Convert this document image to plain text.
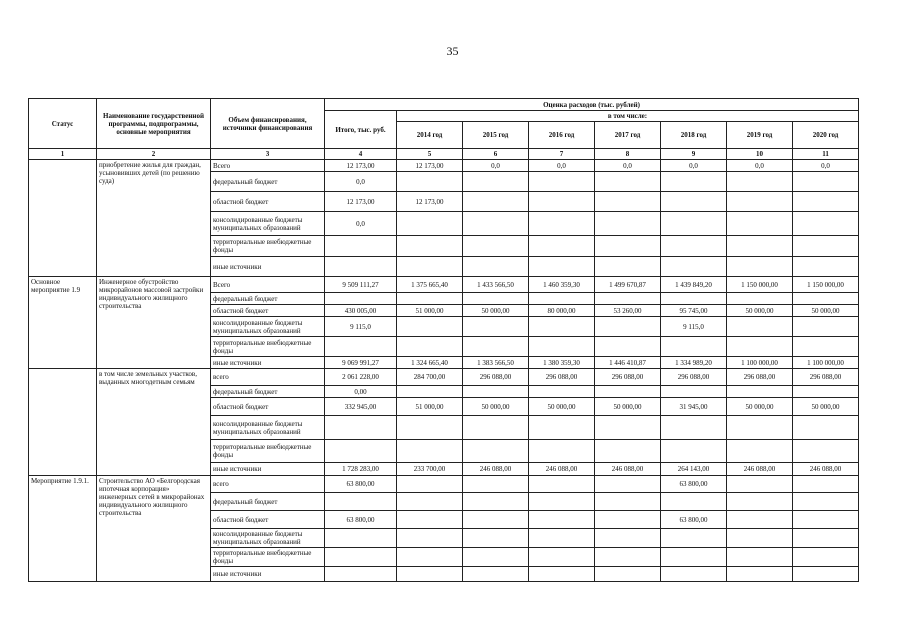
35
Статус	Наименование государственной программы, подпрограммы, основные мероприятия	Объем финансирования, источники финансирования	Оценка расходов (тыс. рублей)							
			Итого, тыс. руб.	в том числе:						
				2014 год	2015 год	2016 год	2017 год	2018 год	2019 год	2020 год
1	2	3	4	5	6	7	8	9	10	11
	приобретение жилья для граждан, усыновивших детей (по решению суда)	Всего	12 173,00	12 173,00	0,0	0,0	0,0	0,0	0,0	0,0
		федеральный бюджет	0,0							
		областной бюджет	12 173,00	12 173,00						
		консолидированные бюджеты муниципальных образований	0,0							
		территориальные внебюджетные фонды								
		иные источники								
Основное мероприятие 1.9	Инженерное обустройство микрорайонов массовой застройки индивидуального жилищного строительства	Всего	9 509 111,27	1 375 665,40	1 433 566,50	1 460 359,30	1 499 670,87	1 439 849,20	1 150 000,00	1 150 000,00
		федеральный бюджет								
		областной бюджет	430 005,00	51 000,00	50 000,00	80 000,00	53 260,00	95 745,00	50 000,00	50 000,00
		консолидированные бюджеты муниципальных образований	9 115,0					9 115,0		
		территориальные внебюджетные фонды								
		иные источники	9 069 991,27	1 324 665,40	1 383 566,50	1 380 359,30	1 446 410,87	1 334 989,20	1 100 000,00	1 100 000,00
	в том числе земельных участков, выданных многодетным семьям	всего	2 061 228,00	284 700,00	296 088,00	296 088,00	296 088,00	296 088,00	296 088,00	296 088,00
		федеральный бюджет	0,00							
		областной бюджет	332 945,00	51 000,00	50 000,00	50 000,00	50 000,00	31 945,00	50 000,00	50 000,00
		консолидированные бюджеты муниципальных образований								
		территориальные внебюджетные фонды								
		иные источники	1 728 283,00	233 700,00	246 088,00	246 088,00	246 088,00	264 143,00	246 088,00	246 088,00
Мероприятие 1.9.1.	Строительство АО «Белгородская ипотечная корпорация» инженерных сетей в микрорайонах индивидуального жилищного строительства	всего	63 800,00					63 800,00		
		федеральный бюджет								
		областной бюджет	63 800,00					63 800,00		
		консолидированные бюджеты муниципальных образований								
		территориальные внебюджетные фонды								
		иные источники								
